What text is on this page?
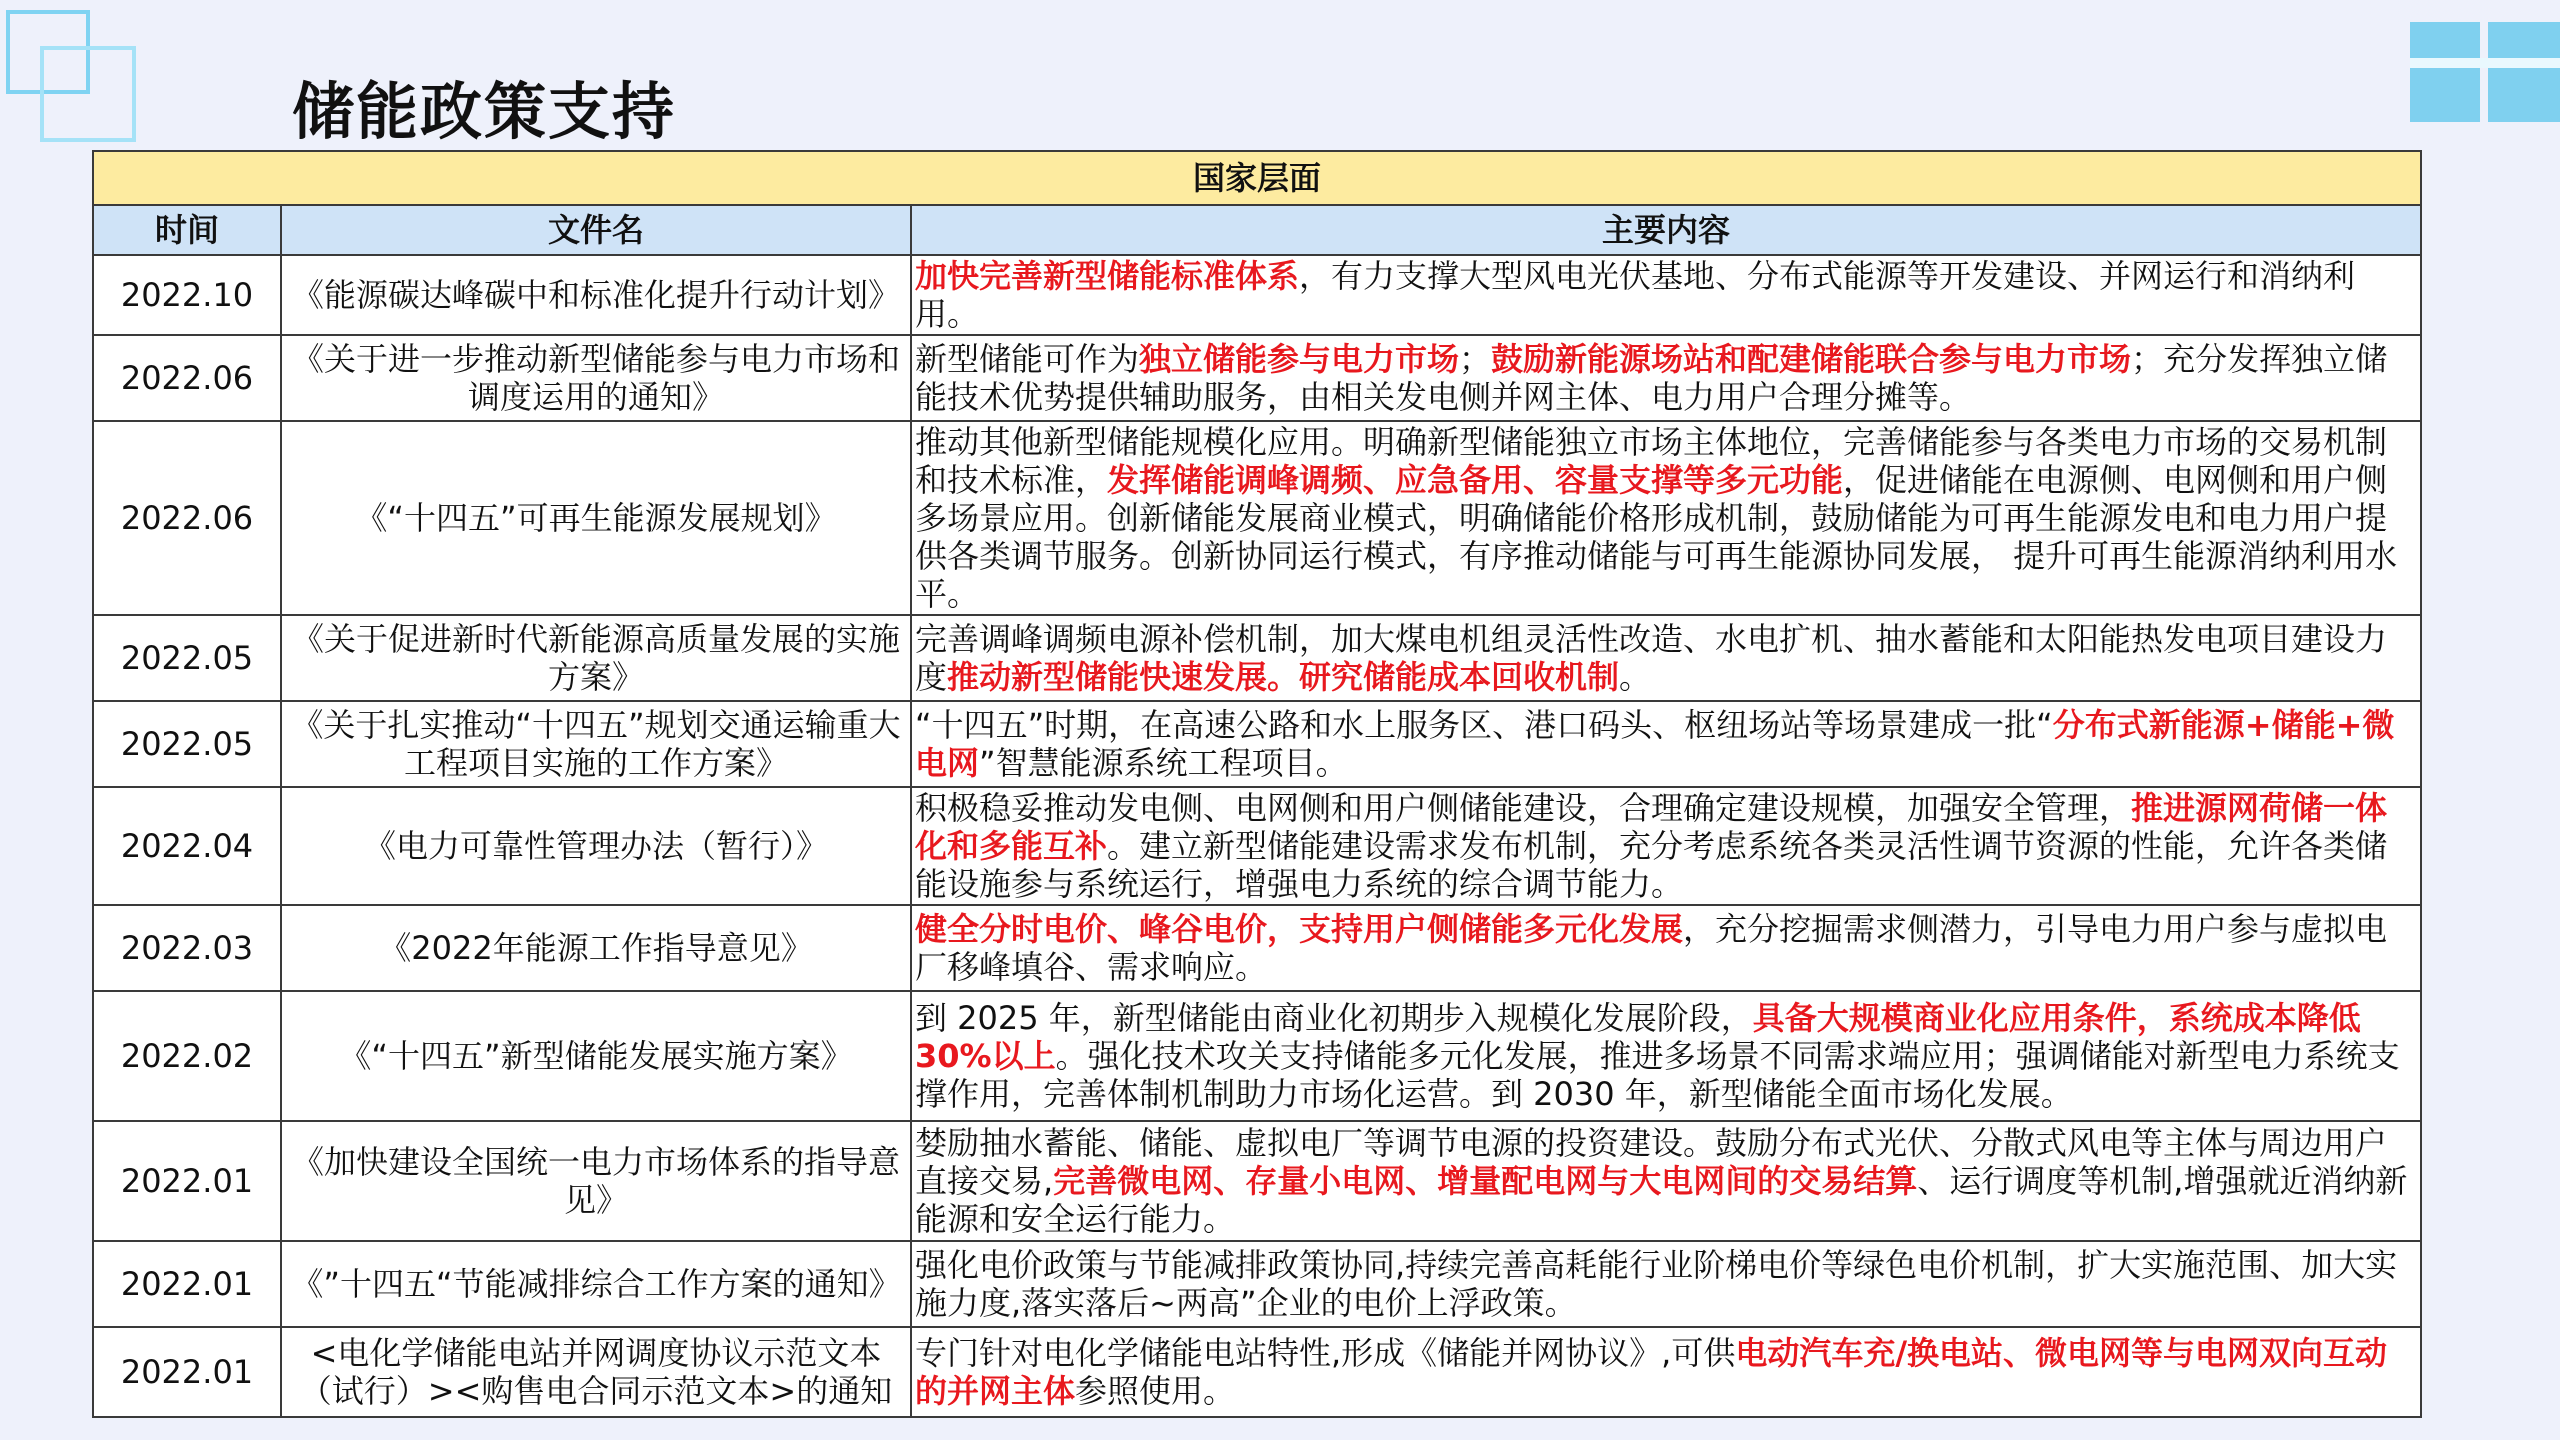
储能政策支持
国家层面		
时间	文件名	主要内容
2022.10	《能源碳达峰碳中和标准化提升行动计划》	加快完善新型储能标准体系，有力支撑大型风电光伏基地、分布式能源等开发建设、并网运行和消纳利用。
2022.06	《关于进一步推动新型储能参与电力市场和调度运用的通知》	新型储能可作为独立储能参与电力市场；鼓励新能源场站和配建储能联合参与电力市场；充分发挥独立储能技术优势提供辅助服务，由相关发电侧并网主体、电力用户合理分摊等。
2022.06	《“十四五”可再生能源发展规划》	推动其他新型储能规模化应用。明确新型储能独立市场主体地位，完善储能参与各类电力市场的交易机制和技术标准，发挥储能调峰调频、应急备用、容量支撑等多元功能，促进储能在电源侧、电网侧和用户侧多场景应用。创新储能发展商业模式，明确储能价格形成机制，鼓励储能为可再生能源发电和电力用户提供各类调节服务。创新协同运行模式，有序推动储能与可再生能源协同发展， 提升可再生能源消纳利用水平。
2022.05	《关于促进新时代新能源高质量发展的实施方案》	完善调峰调频电源补偿机制，加大煤电机组灵活性改造、水电扩机、抽水蓄能和太阳能热发电项目建设力度推动新型储能快速发展。研究储能成本回收机制。
2022.05	《关于扎实推动“十四五”规划交通运输重大工程项目实施的工作方案》	“十四五”时期，在高速公路和水上服务区、港口码头、枢纽场站等场景建成一批“分布式新能源+储能+微电网”智慧能源系统工程项目。
2022.04	《电力可靠性管理办法（暂行）》	积极稳妥推动发电侧、电网侧和用户侧储能建设，合理确定建设规模，加强安全管理，推进源网荷储一体化和多能互补。建立新型储能建设需求发布机制，充分考虑系统各类灵活性调节资源的性能，允许各类储能设施参与系统运行，增强电力系统的综合调节能力。
2022.03	《2022年能源工作指导意见》	健全分时电价、峰谷电价，支持用户侧储能多元化发展，充分挖掘需求侧潜力，引导电力用户参与虚拟电厂移峰填谷、需求响应。
2022.02	《“十四五”新型储能发展实施方案》	到 2025 年，新型储能由商业化初期步入规模化发展阶段，具备大规模商业化应用条件，系统成本降低30%以上。强化技术攻关支持储能多元化发展，推进多场景不同需求端应用；强调储能对新型电力系统支撑作用，完善体制机制助力市场化运营。到 2030 年，新型储能全面市场化发展。
2022.01	《加快建设全国统一电力市场体系的指导意见》	婪励抽水蓄能、储能、虚拟电厂等调节电源的投资建设。鼓励分布式光伏、分散式风电等主体与周边用户直接交易,完善微电网、存量小电网、增量配电网与大电网间的交易结算、运行调度等机制,增强就近消纳新能源和安全运行能力。
2022.01	《”十四五“节能减排综合工作方案的通知》	强化电价政策与节能减排政策协同,持续完善高耗能行业阶梯电价等绿色电价机制，扩大实施范围、加大实施力度,落实落后~两高”企业的电价上浮政策。
2022.01	<电化学储能电站并网调度协议示范文本（试行）><购售电合同示范文本>的通知	专门针对电化学储能电站特性,形成《储能并网协议》,可供电动汽车充/换电站、微电网等与电网双向互动的并网主体参照使用。
